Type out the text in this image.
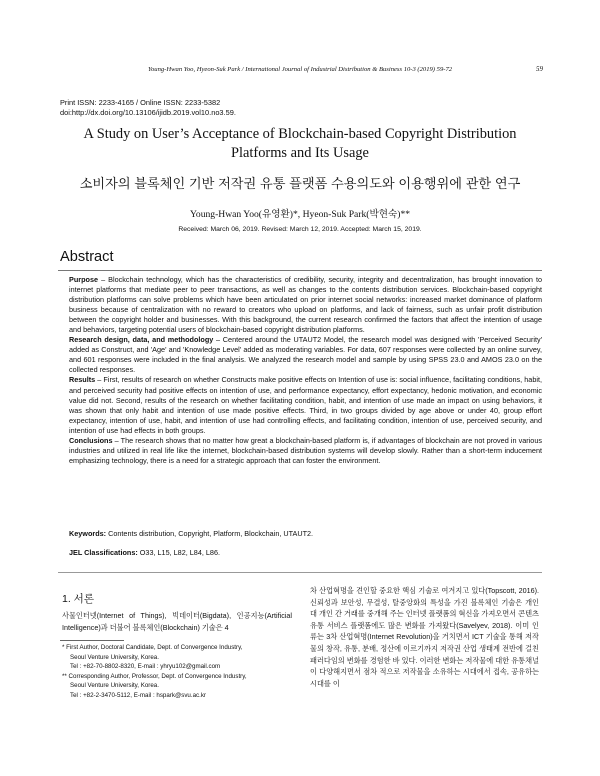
Young-Hwan Yoo, Hyeon-Suk Park / International Journal of Industrial Distribution & Business 10-3 (2019) 59-72	59
Print ISSN: 2233-4165 / Online ISSN: 2233-5382
doi:http://dx.doi.org/10.13106/ijidb.2019.vol10.no3.59.
A Study on User’s Acceptance of Blockchain-based Copyright Distribution Platforms and Its Usage
소비자의 블록체인 기반 저작권 유통 플랫폼 수용의도와 이용행위에 관한 연구
Young-Hwan Yoo(유영환)*, Hyeon-Suk Park(박현숙)**
Received: March 06, 2019. Revised: March 12, 2019. Accepted: March 15, 2019.
Abstract

Purpose – Blockchain technology, which has the characteristics of credibility, security, integrity and decentralization, has brought innovation to internet platforms that mediate peer to peer transactions, as well as changes to the contents distribution services. Blockchain-based copyright distribution platforms can solve problems which have been articulated on prior internet social networks: increased market dominance of platform business because of centralization with no reward to creators who upload on platforms, and lack of fairness, such as unfair profit distribution between the copyright holder and businesses. With this background, the current research confirmed the factors that affect the intention of usage and behaviors, targeting potential users of blockchain-based copyright distribution platforms.

Research design, data, and methodology – Centered around the UTAUT2 Model, the research model was designed with 'Perceived Security' added as Construct, and 'Age' and 'Knowledge Level' added as moderating variables. For data, 607 responses were collected by an online survey, and 601 responses were included in the final analysis. We analyzed the research model and sample by using SPSS 23.0 and AMOS 23.0 on the collected responses.

Results – First, results of research on whether Constructs make positive effects on Intention of use is: social influence, facilitating conditions, habit, and perceived security had positive effects on intention of use, and performance expectancy, effort expectancy, hedonic motivation, and economic value did not. Second, results of the research on whether facilitating condition, habit, and intention of use made an impact on using behaviors, it was shown that only habit and intention of use made positive effects. Third, in two groups divided by age above or under 40, group effort expectancy, intention of use, habit, and intention of use had controlling effects, and facilitating condition, intention of use, perceived security, and intention of use had effects in both groups.

Conclusions – The research shows that no matter how great a blockchain-based platform is, if advantages of blockchain are not proved in various industries and utilized in real life like the internet, blockchain-based distribution systems will develop slowly. Rather than a short-term inducement emphasizing technology, there is a need for a strategic approach that can foster the environment.

Keywords: Contents distribution, Copyright, Platform, Blockchain, UTAUT2.

JEL Classifications: O33, L15, L82, L84, L86.

1. 서론

사물인터넷(Internet of Things), 빅데이터(Bigdata), 인공지능(Artificial Intelligence)과 더불어 블록체인(Blockchain) 기술은 4

* First Author, Doctoral Candidate, Dept. of Convergence Industry,

Seoul Venture University, Korea.

Tel : +82-70-8802-8320, E-mail : yhryu102@gmail.com

** Corresponding Author, Professor, Dept. of Convergence Industry,

Seoul Venture University, Korea.

Tel : +82-2-3470-5112, E-mail : hspark@svu.ac.kr

차 산업혁명을 견인할 중요한 핵심 기술로 여겨지고 있다(Topscott, 2016). 신뢰성과 보안성, 무결성, 탈중앙화의 특성을 가진 블록체인 기술은 개인 대 개인 간 거래를 중개해 주는 인터넷 플랫폼의 혁신을 가져오면서 콘텐츠 유통 서비스 플랫폼에도 많은 변화를 가져왔다(Savelyev, 2018). 이미 인류는 3차 산업혁명(Internet Revolution)을 거치면서 ICT 기술을 통해 저작물의 창작, 유통, 분배, 정산에 이르기까지 저작권 산업 생태계 전반에 걸친 패러다임의 변화를 경험한 바 있다. 이러한 변화는 저작물에 대한 유통채널이 다양해지면서 점차 적으로 저작물을 소유하는 시대에서 접속, 공유하는 시대를 이
